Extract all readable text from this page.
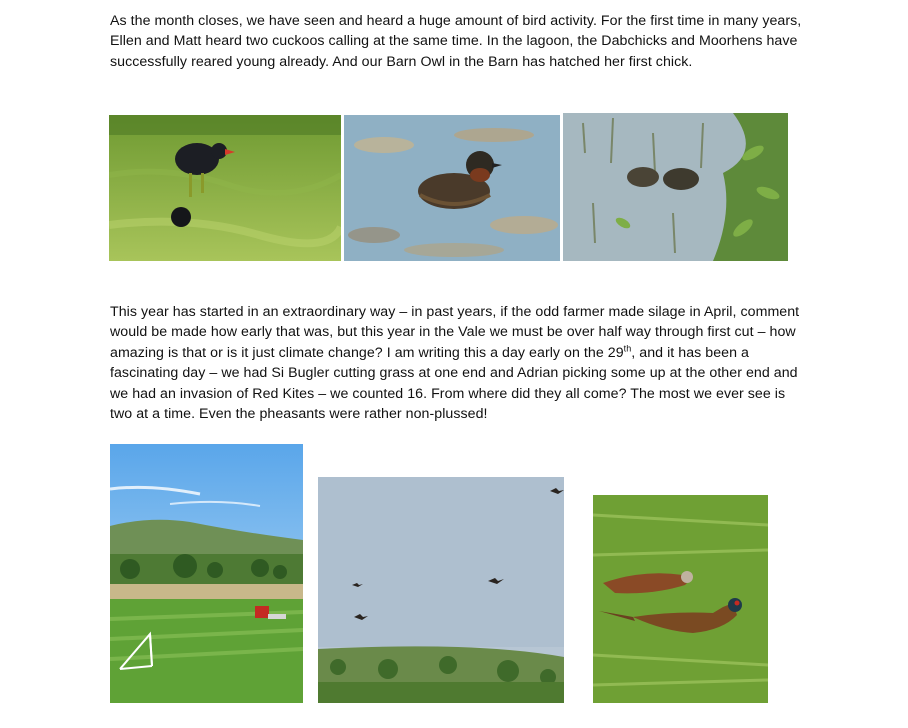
As the month closes, we have seen and heard a huge amount of bird activity. For the first time in many years, Ellen and Matt heard two cuckoos calling at the same time. In the lagoon, the Dabchicks and Moorhens have successfully reared young already. And our Barn Owl in the Barn has hatched her first chick.

This year has started in an extraordinary way – in past years, if the odd farmer made silage in April, comment would be made how early that was, but this year in the Vale we must be over half way through first cut – how amazing is that or is it just climate change? I am writing this a day early on the 29th, and it has been a fascinating day – we had Si Bugler cutting grass at one end and Adrian picking some up at the other end and we had an invasion of Red Kites – we counted 16. From where did they all come? The most we ever see is two at a time. Even the pheasants were rather non-plussed!
